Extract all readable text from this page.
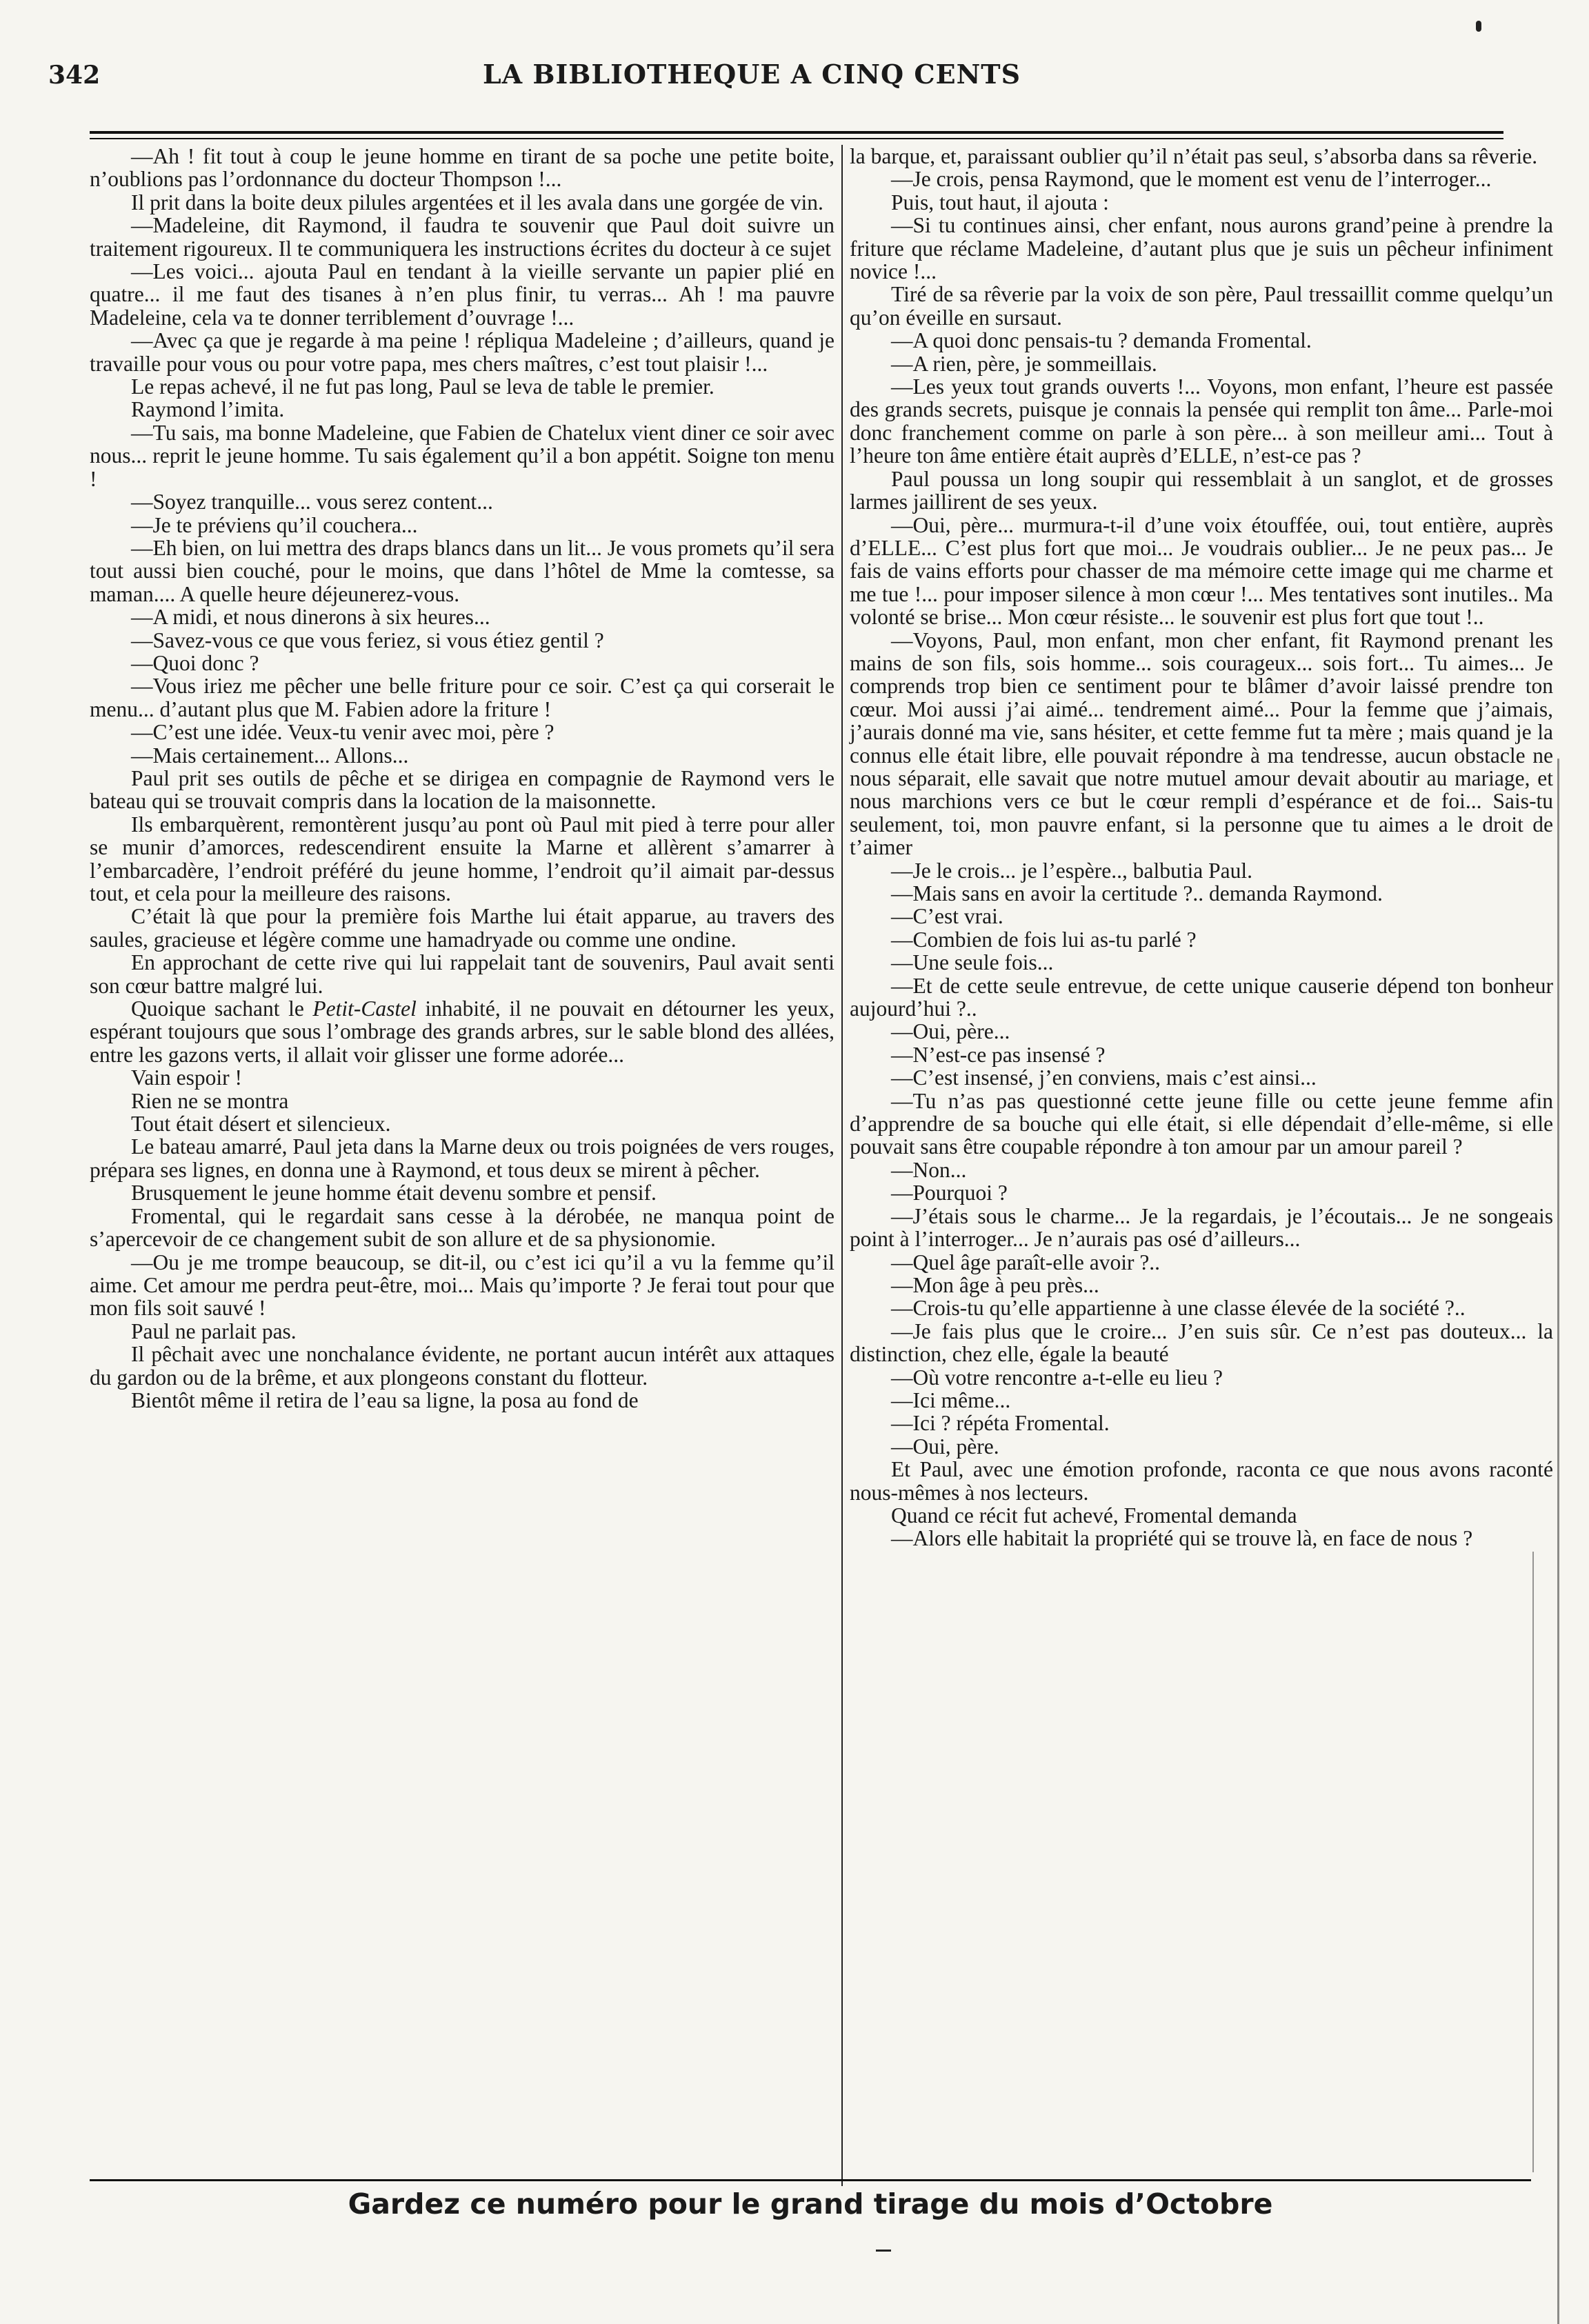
342	LA BIBLIOTHEQUE A CINQ CENTS

—Ah ! fit tout à coup le jeune homme en tirant de sa poche une petite boite, n’oublions pas l’ordonnance du docteur Thompson !...

Il prit dans la boite deux pilules argentées et il les avala dans une gorgée de vin.

—Madeleine, dit Raymond, il faudra te souvenir que Paul doit suivre un traitement rigoureux. Il te communiquera les instructions écrites du docteur à ce sujet

—Les voici... ajouta Paul en tendant à la vieille servante un papier plié en quatre... il me faut des tisanes à n’en plus finir, tu verras... Ah ! ma pauvre Madeleine, cela va te donner terriblement d’ouvrage !...

—Avec ça que je regarde à ma peine ! répliqua Madeleine ; d’ailleurs, quand je travaille pour vous ou pour votre papa, mes chers maîtres, c’est tout plaisir !...

Le repas achevé, il ne fut pas long, Paul se leva de table le premier.

Raymond l’imita.

—Tu sais, ma bonne Madeleine, que Fabien de Chatelux vient diner ce soir avec nous... reprit le jeune homme. Tu sais également qu’il a bon appétit. Soigne ton menu !

—Soyez tranquille... vous serez content...

—Je te préviens qu’il couchera...

—Eh bien, on lui mettra des draps blancs dans un lit... Je vous promets qu’il sera tout aussi bien couché, pour le moins, que dans l’hôtel de Mme la comtesse, sa maman.... A quelle heure déjeunerez-vous.

—A midi, et nous dinerons à six heures...

—Savez-vous ce que vous feriez, si vous étiez gentil ?

—Quoi donc ?

—Vous iriez me pêcher une belle friture pour ce soir. C’est ça qui corserait le menu... d’autant plus que M. Fabien adore la friture !

—C’est une idée. Veux-tu venir avec moi, père ?

—Mais certainement... Allons...

Paul prit ses outils de pêche et se dirigea en compagnie de Raymond vers le bateau qui se trouvait compris dans la location de la maisonnette.

Ils embarquèrent, remontèrent jusqu’au pont où Paul mit pied à terre pour aller se munir d’amorces, redescendirent ensuite la Marne et allèrent s’amarrer à l’embarcadère, l’endroit préféré du jeune homme, l’endroit qu’il aimait par-dessus tout, et cela pour la meilleure des raisons.

C’était là que pour la première fois Marthe lui était apparue, au travers des saules, gracieuse et légère comme une hamadryade ou comme une ondine.

En approchant de cette rive qui lui rappelait tant de souvenirs, Paul avait senti son cœur battre malgré lui.

Quoique sachant le Petit-Castel inhabité, il ne pouvait en détourner les yeux, espérant toujours que sous l’ombrage des grands arbres, sur le sable blond des allées, entre les gazons verts, il allait voir glisser une forme adorée...

Vain espoir !

Rien ne se montra

Tout était désert et silencieux.

Le bateau amarré, Paul jeta dans la Marne deux ou trois poignées de vers rouges, prépara ses lignes, en donna une à Raymond, et tous deux se mirent à pêcher.

Brusquement le jeune homme était devenu sombre et pensif.

Fromental, qui le regardait sans cesse à la dérobée, ne manqua point de s’apercevoir de ce changement subit de son allure et de sa physionomie.

—Ou je me trompe beaucoup, se dit-il, ou c’est ici qu’il a vu la femme qu’il aime. Cet amour me perdra peut-être, moi... Mais qu’importe ? Je ferai tout pour que mon fils soit sauvé !

Paul ne parlait pas.

Il pêchait avec une nonchalance évidente, ne portant aucun intérêt aux attaques du gardon ou de la brême, et aux plongeons constant du flotteur.

Bientôt même il retira de l’eau sa ligne, la posa au fond de

la barque, et, paraissant oublier qu’il n’était pas seul, s’absorba dans sa rêverie.

—Je crois, pensa Raymond, que le moment est venu de l’interroger...

Puis, tout haut, il ajouta :

—Si tu continues ainsi, cher enfant, nous aurons grand’peine à prendre la friture que réclame Madeleine, d’autant plus que je suis un pêcheur infiniment novice !...

Tiré de sa rêverie par la voix de son père, Paul tressaillit comme quelqu’un qu’on éveille en sursaut.

—A quoi donc pensais-tu ? demanda Fromental.

—A rien, père, je sommeillais.

—Les yeux tout grands ouverts !... Voyons, mon enfant, l’heure est passée des grands secrets, puisque je connais la pensée qui remplit ton âme... Parle-moi donc franchement comme on parle à son père... à son meilleur ami... Tout à l’heure ton âme entière était auprès d’ELLE, n’est-ce pas ?

Paul poussa un long soupir qui ressemblait à un sanglot, et de grosses larmes jaillirent de ses yeux.

—Oui, père... murmura-t-il d’une voix étouffée, oui, tout entière, auprès d’ELLE... C’est plus fort que moi... Je voudrais oublier... Je ne peux pas... Je fais de vains efforts pour chasser de ma mémoire cette image qui me charme et me tue !... pour imposer silence à mon cœur !... Mes tentatives sont inutiles.. Ma volonté se brise... Mon cœur résiste... le souvenir est plus fort que tout !..

—Voyons, Paul, mon enfant, mon cher enfant, fit Raymond prenant les mains de son fils, sois homme... sois courageux... sois fort... Tu aimes... Je comprends trop bien ce sentiment pour te blâmer d’avoir laissé prendre ton cœur. Moi aussi j’ai aimé... tendrement aimé... Pour la femme que j’aimais, j’aurais donné ma vie, sans hésiter, et cette femme fut ta mère ; mais quand je la connus elle était libre, elle pouvait répondre à ma tendresse, aucun obstacle ne nous séparait, elle savait que notre mutuel amour devait aboutir au mariage, et nous marchions vers ce but le cœur rempli d’espérance et de foi... Sais-tu seulement, toi, mon pauvre enfant, si la personne que tu aimes a le droit de t’aimer

—Je le crois... je l’espère.., balbutia Paul.

—Mais sans en avoir la certitude ?.. demanda Raymond.

—C’est vrai.

—Combien de fois lui as-tu parlé ?

—Une seule fois...

—Et de cette seule entrevue, de cette unique causerie dépend ton bonheur aujourd’hui ?..

—Oui, père...

—N’est-ce pas insensé ?

—C’est insensé, j’en conviens, mais c’est ainsi...

—Tu n’as pas questionné cette jeune fille ou cette jeune femme afin d’apprendre de sa bouche qui elle était, si elle dépendait d’elle-même, si elle pouvait sans être coupable répondre à ton amour par un amour pareil ?

—Non...

—Pourquoi ?

—J’étais sous le charme... Je la regardais, je l’écoutais... Je ne songeais point à l’interroger... Je n’aurais pas osé d’ailleurs...

—Quel âge paraît-elle avoir ?..

—Mon âge à peu près...

—Crois-tu qu’elle appartienne à une classe élevée de la société ?..

—Je fais plus que le croire... J’en suis sûr. Ce n’est pas douteux... la distinction, chez elle, égale la beauté

—Où votre rencontre a-t-elle eu lieu ?

—Ici même...

—Ici ? répéta Fromental.

—Oui, père.

Et Paul, avec une émotion profonde, raconta ce que nous avons raconté nous-mêmes à nos lecteurs.

Quand ce récit fut achevé, Fromental demanda

—Alors elle habitait la propriété qui se trouve là, en face de nous ?

Gardez ce numéro pour le grand tirage du mois d’Octobre
